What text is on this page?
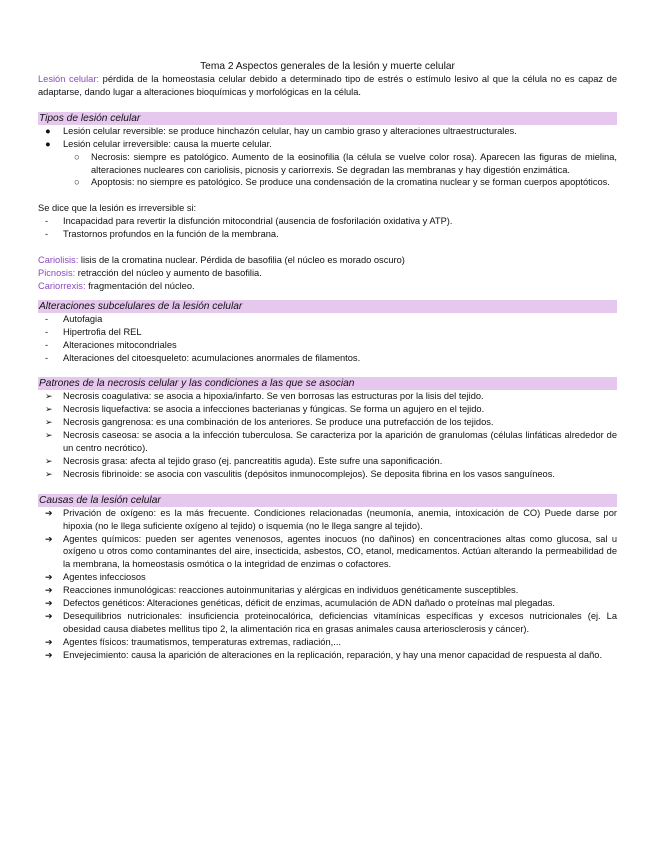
Tema 2 Aspectos generales de la lesión y muerte celular

Lesión celular: pérdida de la homeostasia celular debido a determinado tipo de estrés o estímulo lesivo al que la célula no es capaz de adaptarse, dando lugar a alteraciones bioquímicas y morfológicas en la célula.

Tipos de lesión celular
● Lesión celular reversible: se produce hinchazón celular, hay un cambio graso y alteraciones ultraestructurales.
● Lesión celular irreversible: causa la muerte celular.
○ Necrosis: siempre es patológico. Aumento de la eosinofilia (la célula se vuelve color rosa). Aparecen las figuras de mielina, alteraciones nucleares con cariolisis, picnosis y cariorrexis. Se degradan las membranas y hay digestión enzimática.
○ Apoptosis: no siempre es patológico. Se produce una condensación de la cromatina nuclear y se forman cuerpos apoptóticos.

Se dice que la lesión es irreversible si:

- Incapacidad para revertir la disfunción mitocondrial (ausencia de fosforilación oxidativa y ATP).
- Trastornos profundos en la función de la membrana.

Cariolisis: lisis de la cromatina nuclear. Pérdida de basofilia (el núcleo es morado oscuro)

Picnosis: retracción del núcleo y aumento de basofilia.

Cariorrexis: fragmentación del núcleo.

Alteraciones subcelulares de la lesión celular
- Autofagia
- Hipertrofia del REL
- Alteraciones mitocondriales
- Alteraciones del citoesqueleto: acumulaciones anormales de filamentos.
Patrones de la necrosis celular y las condiciones a las que se asocian
➢ Necrosis coagulativa: se asocia a hipoxia/infarto. Se ven borrosas las estructuras por la lisis del tejido.
➢ Necrosis liquefactiva: se asocia a infecciones bacterianas y fúngicas. Se forma un agujero en el tejido.
➢ Necrosis gangrenosa: es una combinación de los anteriores. Se produce una putrefacción de los tejidos.
➢ Necrosis caseosa: se asocia a la infección tuberculosa. Se caracteriza por la aparición de granulomas (células linfáticas alrededor de un centro necrótico).
➢ Necrosis grasa: afecta al tejido graso (ej. pancreatitis aguda). Este sufre una saponificación.
➢ Necrosis fibrinoide: se asocia con vasculitis (depósitos inmunocomplejos). Se deposita fibrina en los vasos sanguíneos.
Causas de la lesión celular
➔ Privación de oxígeno: es la más frecuente. Condiciones relacionadas (neumonía, anemia, intoxicación de CO) Puede darse por hipoxia (no le llega suficiente oxígeno al tejido) o isquemia (no le llega sangre al tejido).
➔ Agentes químicos: pueden ser agentes venenosos, agentes inocuos (no dañinos) en concentraciones altas como glucosa, sal u oxígeno u otros como contaminantes del aire, insecticida, asbestos, CO, etanol, medicamentos. Actúan alterando la permeabilidad de la membrana, la homeostasis osmótica o la integridad de enzimas o cofactores.
➔ Agentes infecciosos
➔ Reacciones inmunológicas: reacciones autoinmunitarias y alérgicas en individuos genéticamente susceptibles.
➔ Defectos genéticos: Alteraciones genéticas, déficit de enzimas, acumulación de ADN dañado o proteínas mal plegadas.
➔ Desequilibrios nutricionales: insuficiencia proteinocalórica, deficiencias vitamínicas específicas y excesos nutricionales (ej. La obesidad causa diabetes mellitus tipo 2, la alimentación rica en grasas animales causa arteriosclerosis y cáncer).
➔ Agentes físicos: traumatismos, temperaturas extremas, radiación,...
➔ Envejecimiento: causa la aparición de alteraciones en la replicación, reparación, y hay una menor capacidad de respuesta al daño.
